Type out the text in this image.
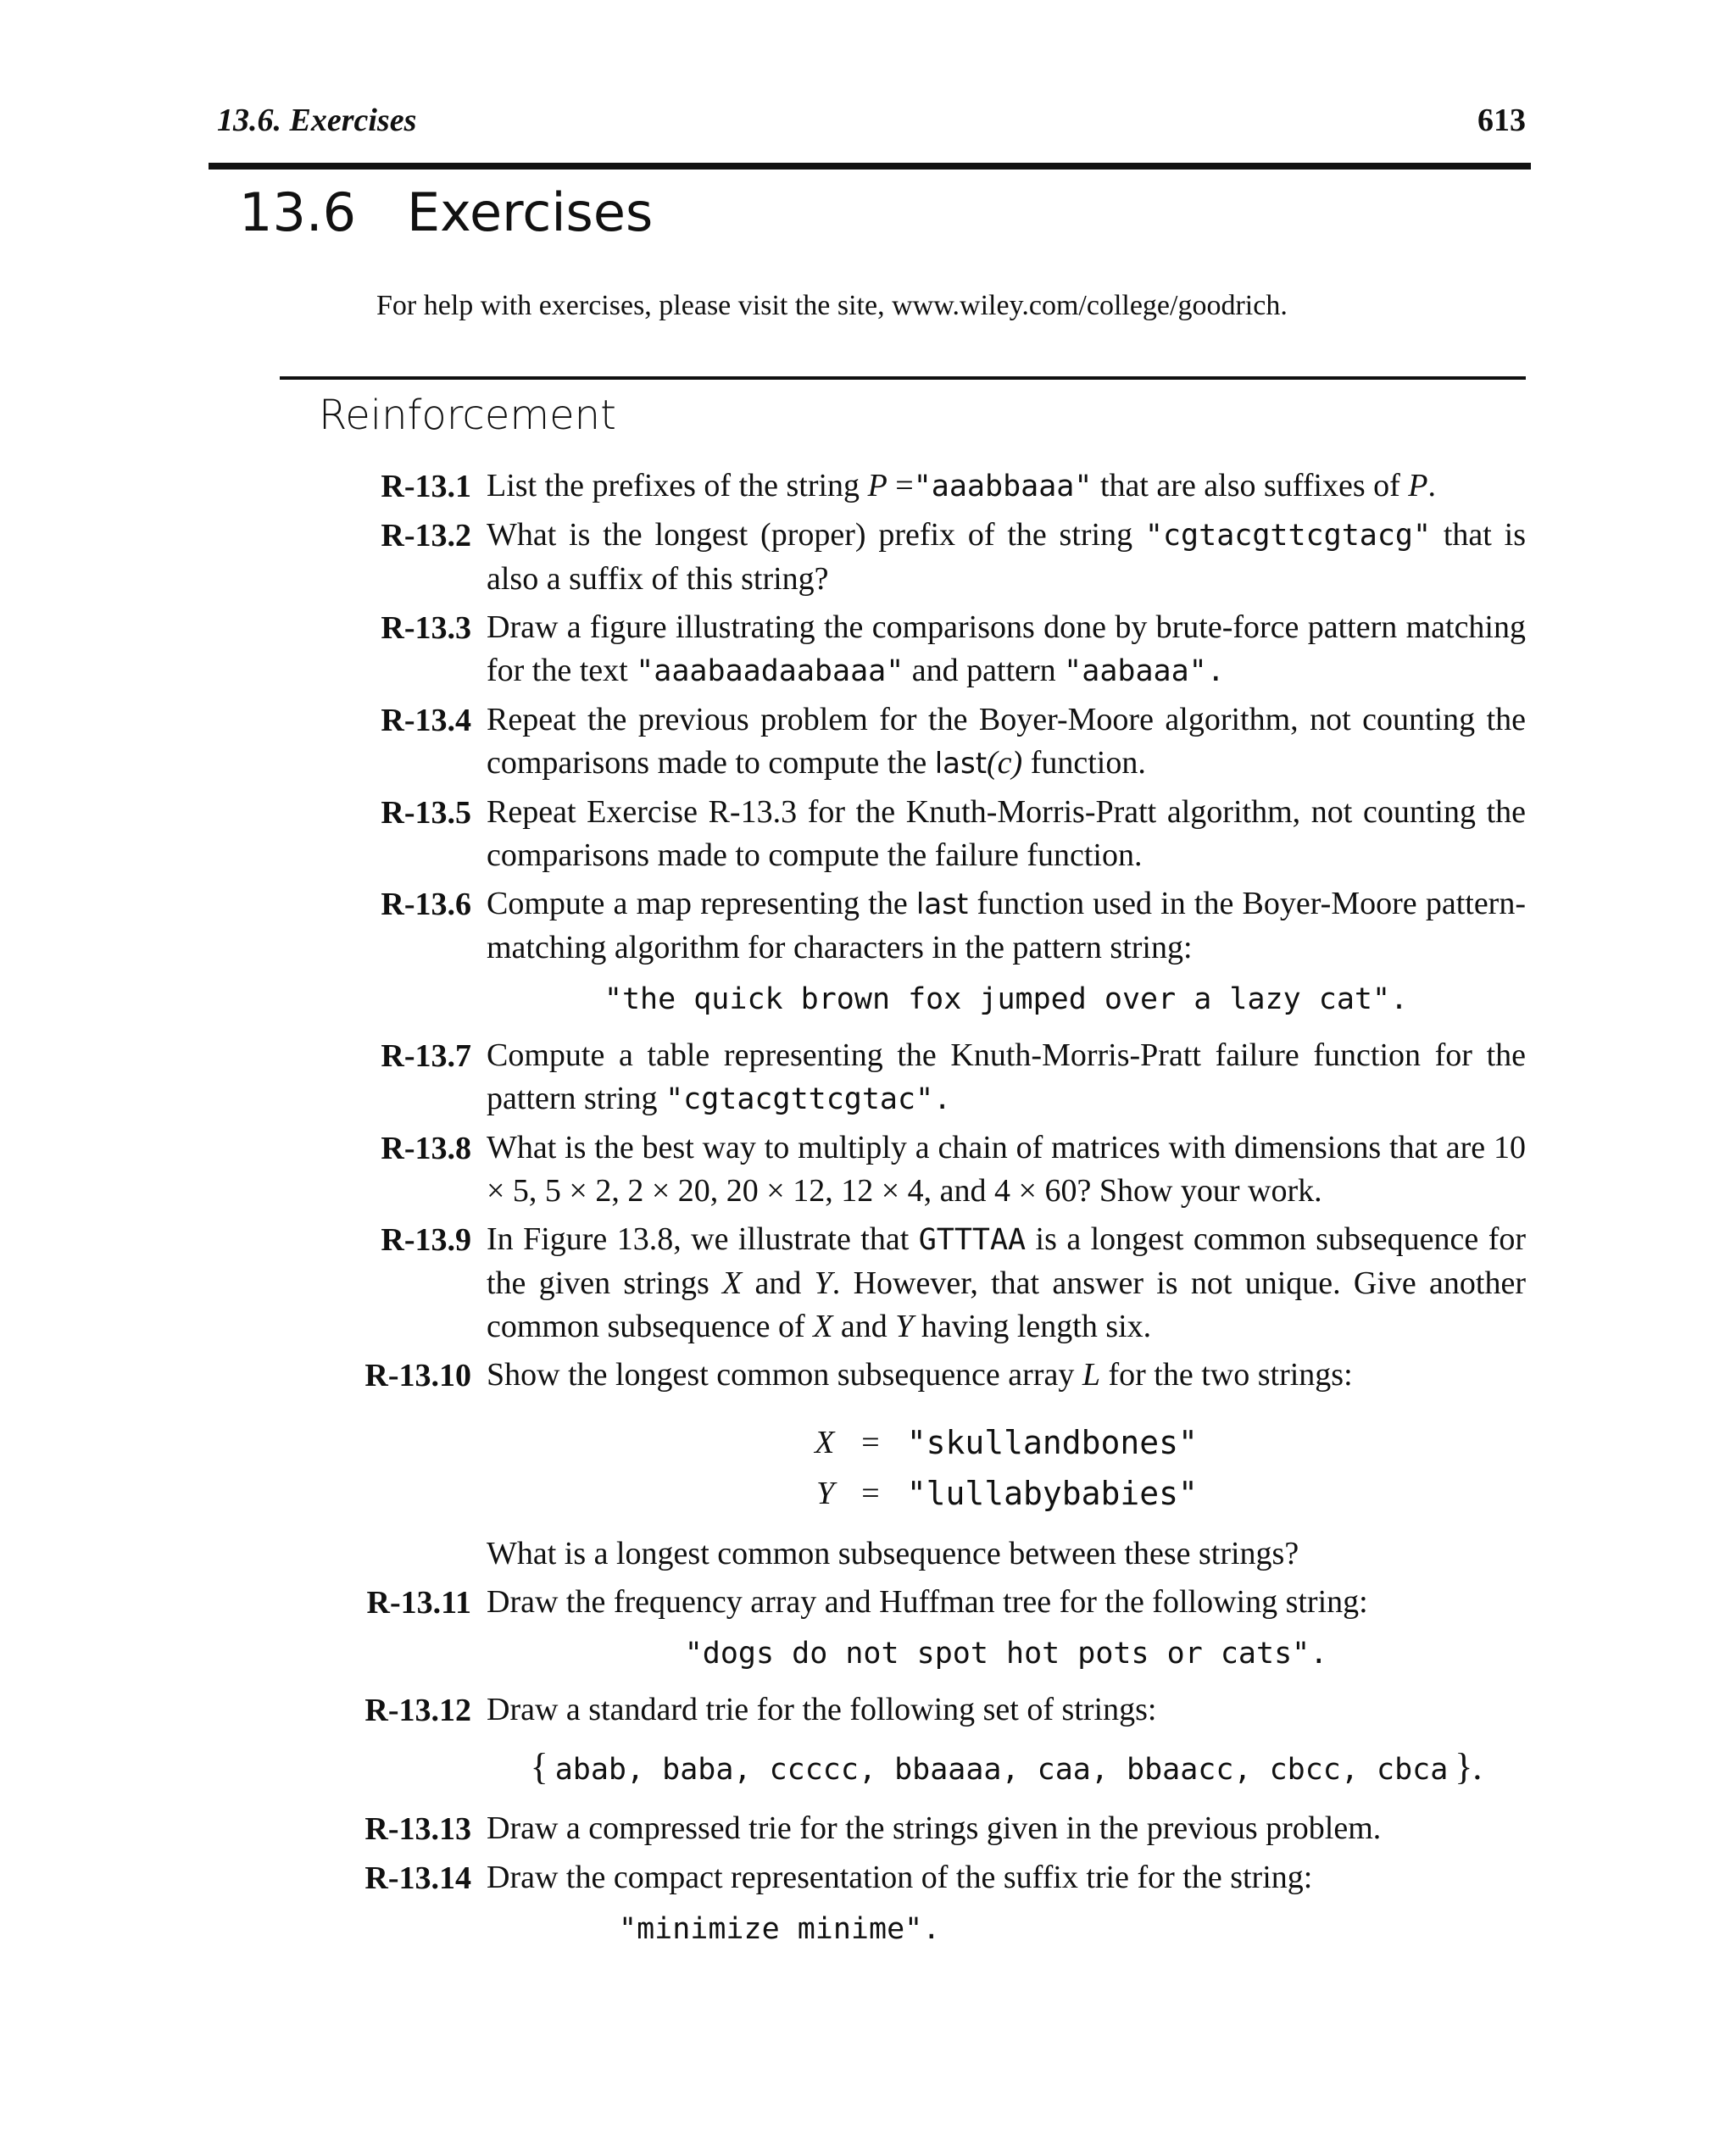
13.6. Exercises	613
13.6 Exercises
For help with exercises, please visit the site, www.wiley.com/college/goodrich.
Reinforcement
R-13.1 List the prefixes of the string P ="aaabbaaa" that are also suffixes of P.
R-13.2 What is the longest (proper) prefix of the string "cgtacgttcgtacg" that is also a suffix of this string?
R-13.3 Draw a figure illustrating the comparisons done by brute-force pattern matching for the text "aaabaadaabaaa" and pattern "aabaaa".
R-13.4 Repeat the previous problem for the Boyer-Moore algorithm, not counting the comparisons made to compute the last(c) function.
R-13.5 Repeat Exercise R-13.3 for the Knuth-Morris-Pratt algorithm, not counting the comparisons made to compute the failure function.
R-13.6 Compute a map representing the last function used in the Boyer-Moore pattern-matching algorithm for characters in the pattern string:

"the quick brown fox jumped over a lazy cat".
R-13.7 Compute a table representing the Knuth-Morris-Pratt failure function for the pattern string "cgtacgttcgtac".
R-13.8 What is the best way to multiply a chain of matrices with dimensions that are 10 × 5, 5 × 2, 2 × 20, 20 × 12, 12 × 4, and 4 × 60? Show your work.
R-13.9 In Figure 13.8, we illustrate that GTTTAA is a longest common subsequence for the given strings X and Y. However, that answer is not unique. Give another common subsequence of X and Y having length six.
R-13.10 Show the longest common subsequence array L for the two strings:

X	=	"skullandbones"
Y	=	"lullabybabies"

What is a longest common subsequence between these strings?

R-13.11 Draw the frequency array and Huffman tree for the following string:

"dogs do not spot hot pots or cats".
R-13.12 Draw a standard trie for the following set of strings:

{ abab, baba, ccccc, bbaaaa, caa, bbaacc, cbcc, cbca }.
R-13.13 Draw a compressed trie for the strings given in the previous problem.
R-13.14 Draw the compact representation of the suffix trie for the string:

"minimize minime".
